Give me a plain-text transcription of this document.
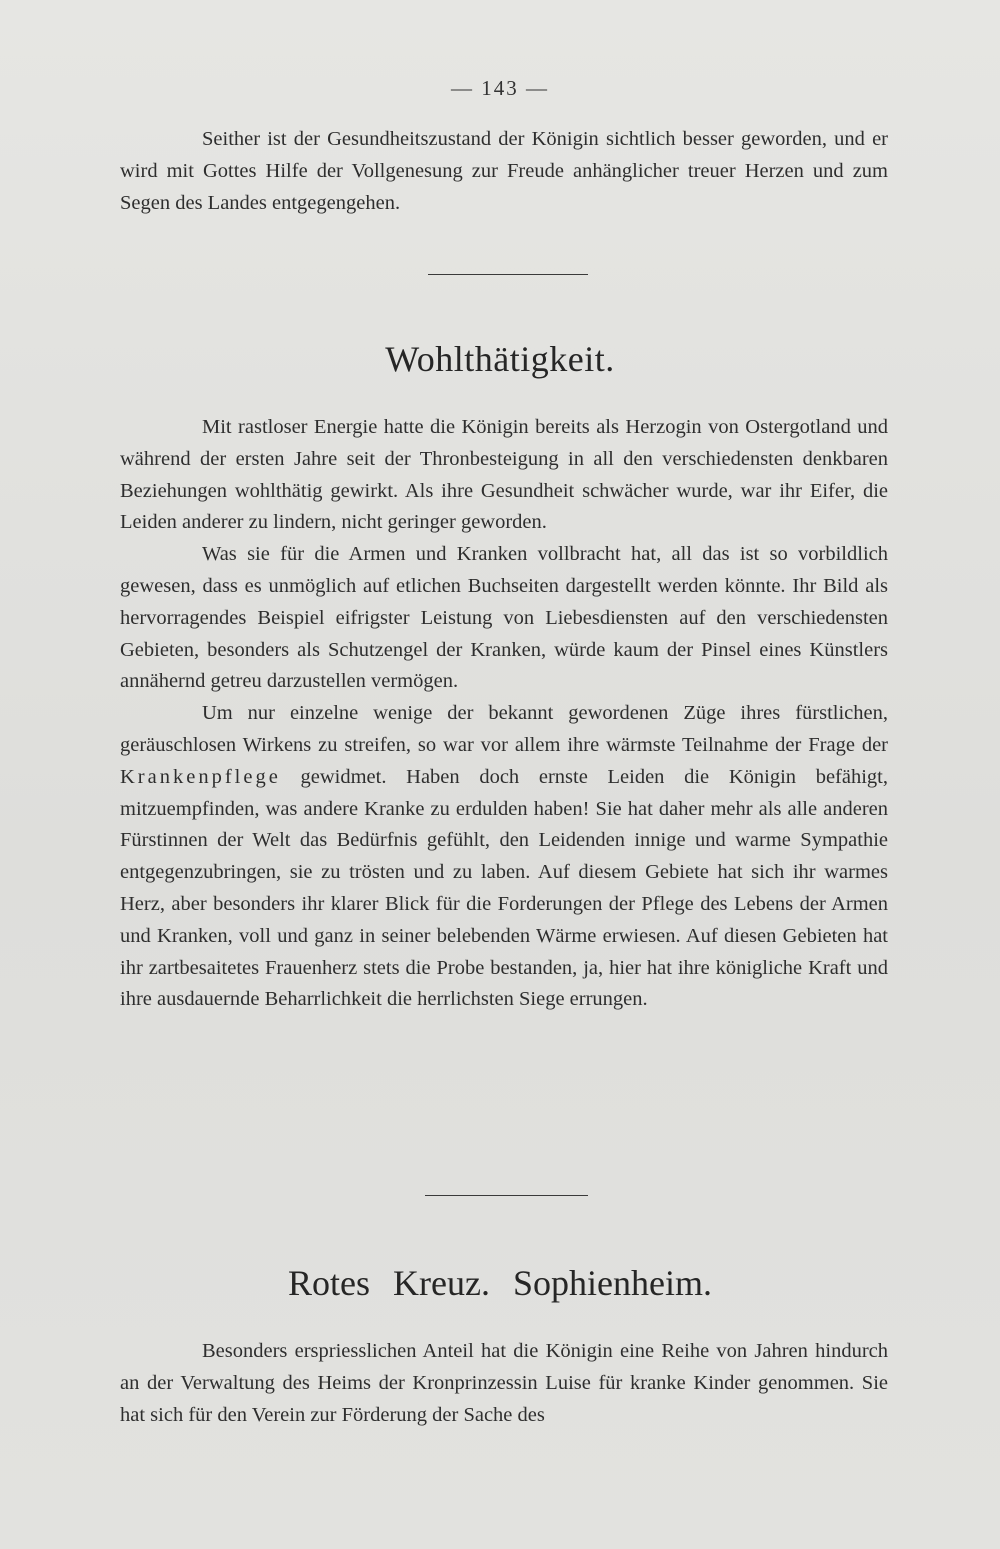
— 143 —

Seither ist der Gesundheitszustand der Königin sichtlich besser geworden, und er wird mit Gottes Hilfe der Vollgenesung zur Freude anhänglicher treuer Herzen und zum Segen des Landes entgegengehen.

Wohlthätigkeit.

Mit rastloser Energie hatte die Königin bereits als Herzogin von Ostergotland und während der ersten Jahre seit der Thronbesteigung in all den verschiedensten denkbaren Beziehungen wohlthätig gewirkt. Als ihre Gesundheit schwächer wurde, war ihr Eifer, die Leiden anderer zu lindern, nicht geringer geworden.

Was sie für die Armen und Kranken vollbracht hat, all das ist so vorbildlich gewesen, dass es unmöglich auf etlichen Buchseiten dargestellt werden könnte. Ihr Bild als hervorragendes Beispiel eifrigster Leistung von Liebesdiensten auf den verschiedensten Gebieten, besonders als Schutzengel der Kranken, würde kaum der Pinsel eines Künstlers annähernd getreu darzustellen vermögen.

Um nur einzelne wenige der bekannt gewordenen Züge ihres fürstlichen, geräuschlosen Wirkens zu streifen, so war vor allem ihre wärmste Teilnahme der Frage der Krankenpflege gewidmet. Haben doch ernste Leiden die Königin befähigt, mitzuempfinden, was andere Kranke zu erdulden haben! Sie hat daher mehr als alle anderen Fürstinnen der Welt das Bedürfnis gefühlt, den Leidenden innige und warme Sympathie entgegenzubringen, sie zu trösten und zu laben. Auf diesem Gebiete hat sich ihr warmes Herz, aber besonders ihr klarer Blick für die Forderungen der Pflege des Lebens der Armen und Kranken, voll und ganz in seiner belebenden Wärme erwiesen. Auf diesen Gebieten hat ihr zartbesaitetes Frauenherz stets die Probe bestanden, ja, hier hat ihre königliche Kraft und ihre ausdauernde Beharrlichkeit die herrlichsten Siege errungen.

Rotes Kreuz. Sophienheim.

Besonders erspriesslichen Anteil hat die Königin eine Reihe von Jahren hindurch an der Verwaltung des Heims der Kronprinzessin Luise für kranke Kinder genommen. Sie hat sich für den Verein zur Förderung der Sache des
